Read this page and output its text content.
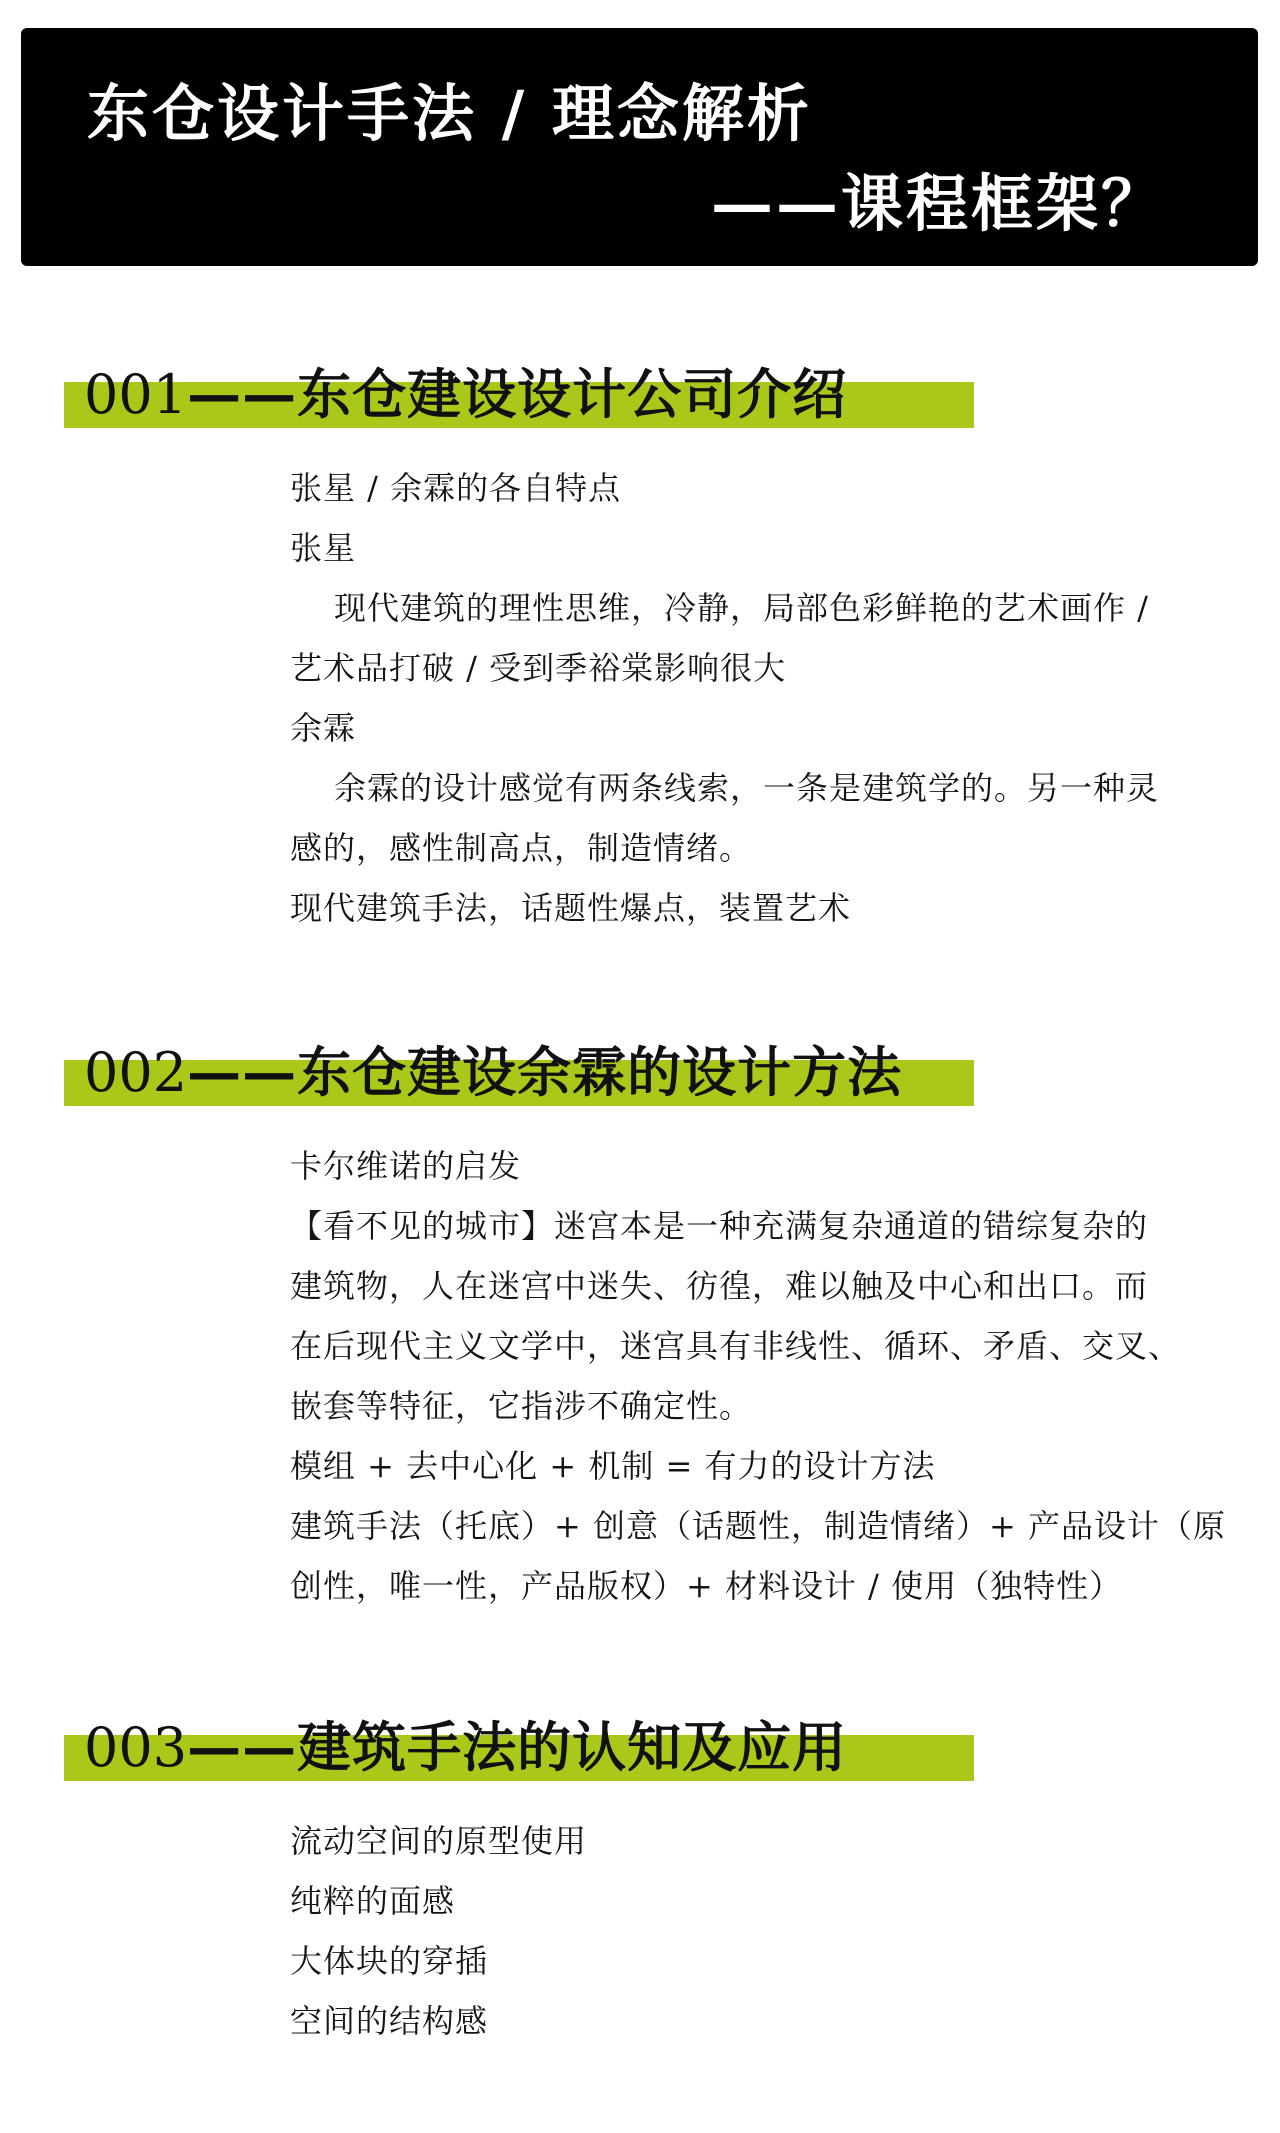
东仓设计手法 / 理念解析
——课程框架？
001——东仓建设设计公司介绍
张星 / 余霖的各自特点
张星
现代建筑的理性思维，冷静，局部色彩鲜艳的艺术画作 /
艺术品打破 / 受到季裕棠影响很大
余霖
余霖的设计感觉有两条线索，一条是建筑学的。另一种灵
感的，感性制高点，制造情绪。
现代建筑手法，话题性爆点，装置艺术
002——东仓建设余霖的设计方法
卡尔维诺的启发
【看不见的城市】迷宫本是一种充满复杂通道的错综复杂的
建筑物，人在迷宫中迷失、彷徨，难以触及中心和出口。而
在后现代主义文学中，迷宫具有非线性、循环、矛盾、交叉、
嵌套等特征，它指涉不确定性。
模组 + 去中心化 + 机制 = 有力的设计方法
建筑手法（托底）+ 创意（话题性，制造情绪）+ 产品设计（原
创性，唯一性，产品版权）+ 材料设计 / 使用（独特性）
003——建筑手法的认知及应用
流动空间的原型使用
纯粹的面感
大体块的穿插
空间的结构感
